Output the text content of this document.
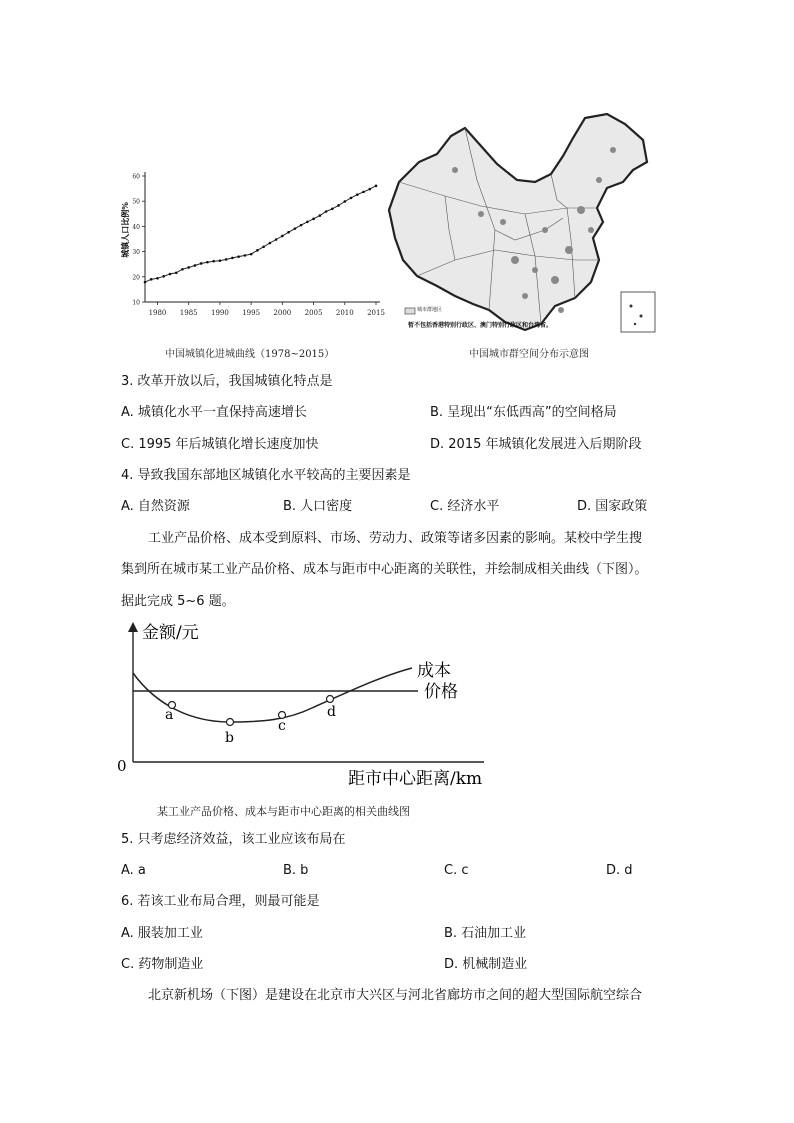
1980 1985 1990 1995 2000 2005 2010 2015
10
20
30
40
50
60
城镇人口比例%
中国城镇化进城曲线（1978~2015）
城市群地区
暂不包括香港特别行政区、澳门特别行政区和台湾省。
中国城市群空间分布示意图
3. 改革开放以后，我国城镇化特点是
A. 城镇化水平一直保持高速增长	B. 呈现出“东低西高”的空间格局
C. 1995 年后城镇化增长速度加快	D. 2015 年城镇化发展进入后期阶段
4. 导致我国东部地区城镇化水平较高的主要因素是
A. 自然资源	B. 人口密度	C. 经济水平	D. 国家政策
工业产品价格、成本受到原料、市场、劳动力、政策等诸多因素的影响。某校中学生搜
集到所在城市某工业产品价格、成本与距市中心距离的关联性，并绘制成相关曲线（下图）。
据此完成 5~6 题。
a
b
c
d
成本
价格
金额/元
距市中心距离/km
0
某工业产品价格、成本与距市中心距离的相关曲线图
5. 只考虑经济效益，该工业应该布局在
A. a	B. b	C. c	D. d
6. 若该工业布局合理，则最可能是
A. 服装加工业	B. 石油加工业
C. 药物制造业	D. 机械制造业
北京新机场（下图）是建设在北京市大兴区与河北省廊坊市之间的超大型国际航空综合
